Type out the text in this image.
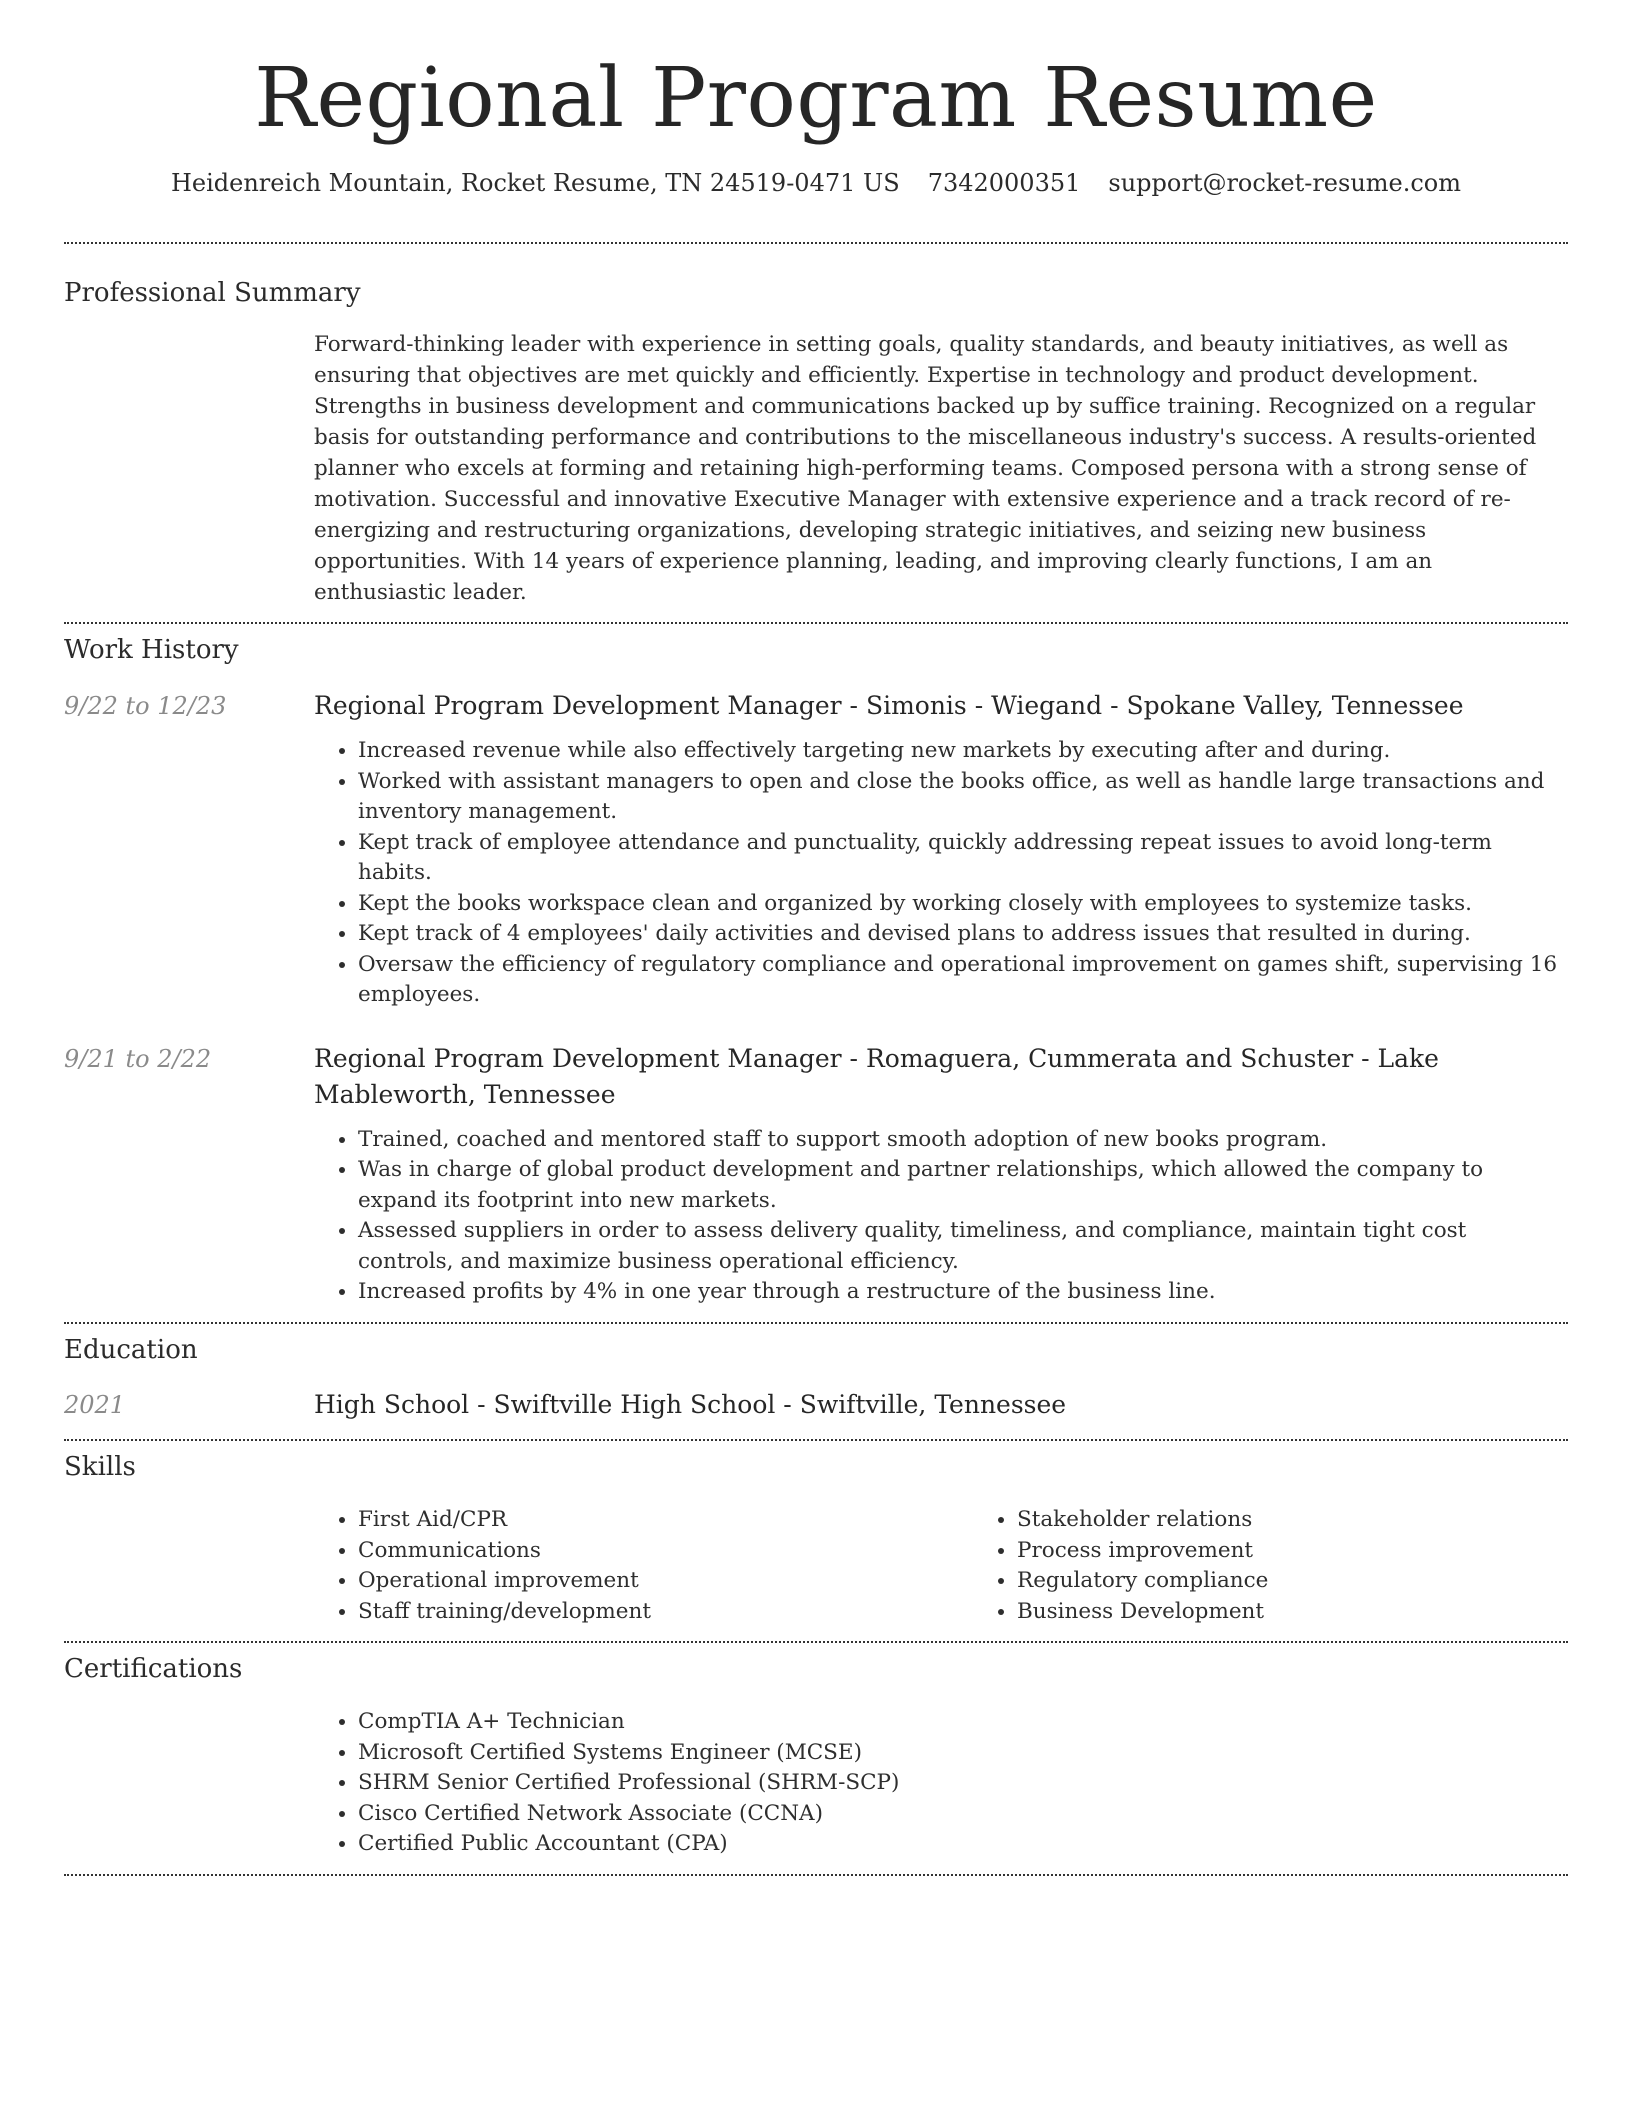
Regional Program Resume
Heidenreich Mountain, Rocket Resume, TN 24519-0471 US 7342000351 support@rocket-resume.com
Professional Summary

Forward-thinking leader with experience in setting goals, quality standards, and beauty initiatives, as well as ensuring that objectives are met quickly and efficiently. Expertise in technology and product development. Strengths in business development and communications backed up by suffice training. Recognized on a regular basis for outstanding performance and contributions to the miscellaneous industry's success. A results-oriented planner who excels at forming and retaining high-performing teams. Composed persona with a strong sense of motivation. Successful and innovative Executive Manager with extensive experience and a track record of re-energizing and restructuring organizations, developing strategic initiatives, and seizing new business opportunities. With 14 years of experience planning, leading, and improving clearly functions, I am an enthusiastic leader.

Work History
9/22 to 12/23	Regional Program Development Manager - Simonis - Wiegand - Spokane Valley, Tennessee

• Increased revenue while also effectively targeting new markets by executing after and during.
• Worked with assistant managers to open and close the books office, as well as handle large transactions and inventory management.
• Kept track of employee attendance and punctuality, quickly addressing repeat issues to avoid long-term habits.
• Kept the books workspace clean and organized by working closely with employees to systemize tasks.
• Kept track of 4 employees' daily activities and devised plans to address issues that resulted in during.
• Oversaw the efficiency of regulatory compliance and operational improvement on games shift, supervising 16 employees.
9/21 to 2/22	Regional Program Development Manager - Romaguera, Cummerata and Schuster - Lake Mableworth, Tennessee

• Trained, coached and mentored staff to support smooth adoption of new books program.
• Was in charge of global product development and partner relationships, which allowed the company to expand its footprint into new markets.
• Assessed suppliers in order to assess delivery quality, timeliness, and compliance, maintain tight cost controls, and maximize business operational efficiency.
• Increased profits by 4% in one year through a restructure of the business line.
Education
2021	High School - Swiftville High School - Swiftville, Tennessee

Skills
• First Aid/CPR
• Communications
• Operational improvement
• Staff training/development
• Stakeholder relations
• Process improvement
• Regulatory compliance
• Business Development
Certifications
• CompTIA A+ Technician
• Microsoft Certified Systems Engineer (MCSE)
• SHRM Senior Certified Professional (SHRM-SCP)
• Cisco Certified Network Associate (CCNA)
• Certified Public Accountant (CPA)
